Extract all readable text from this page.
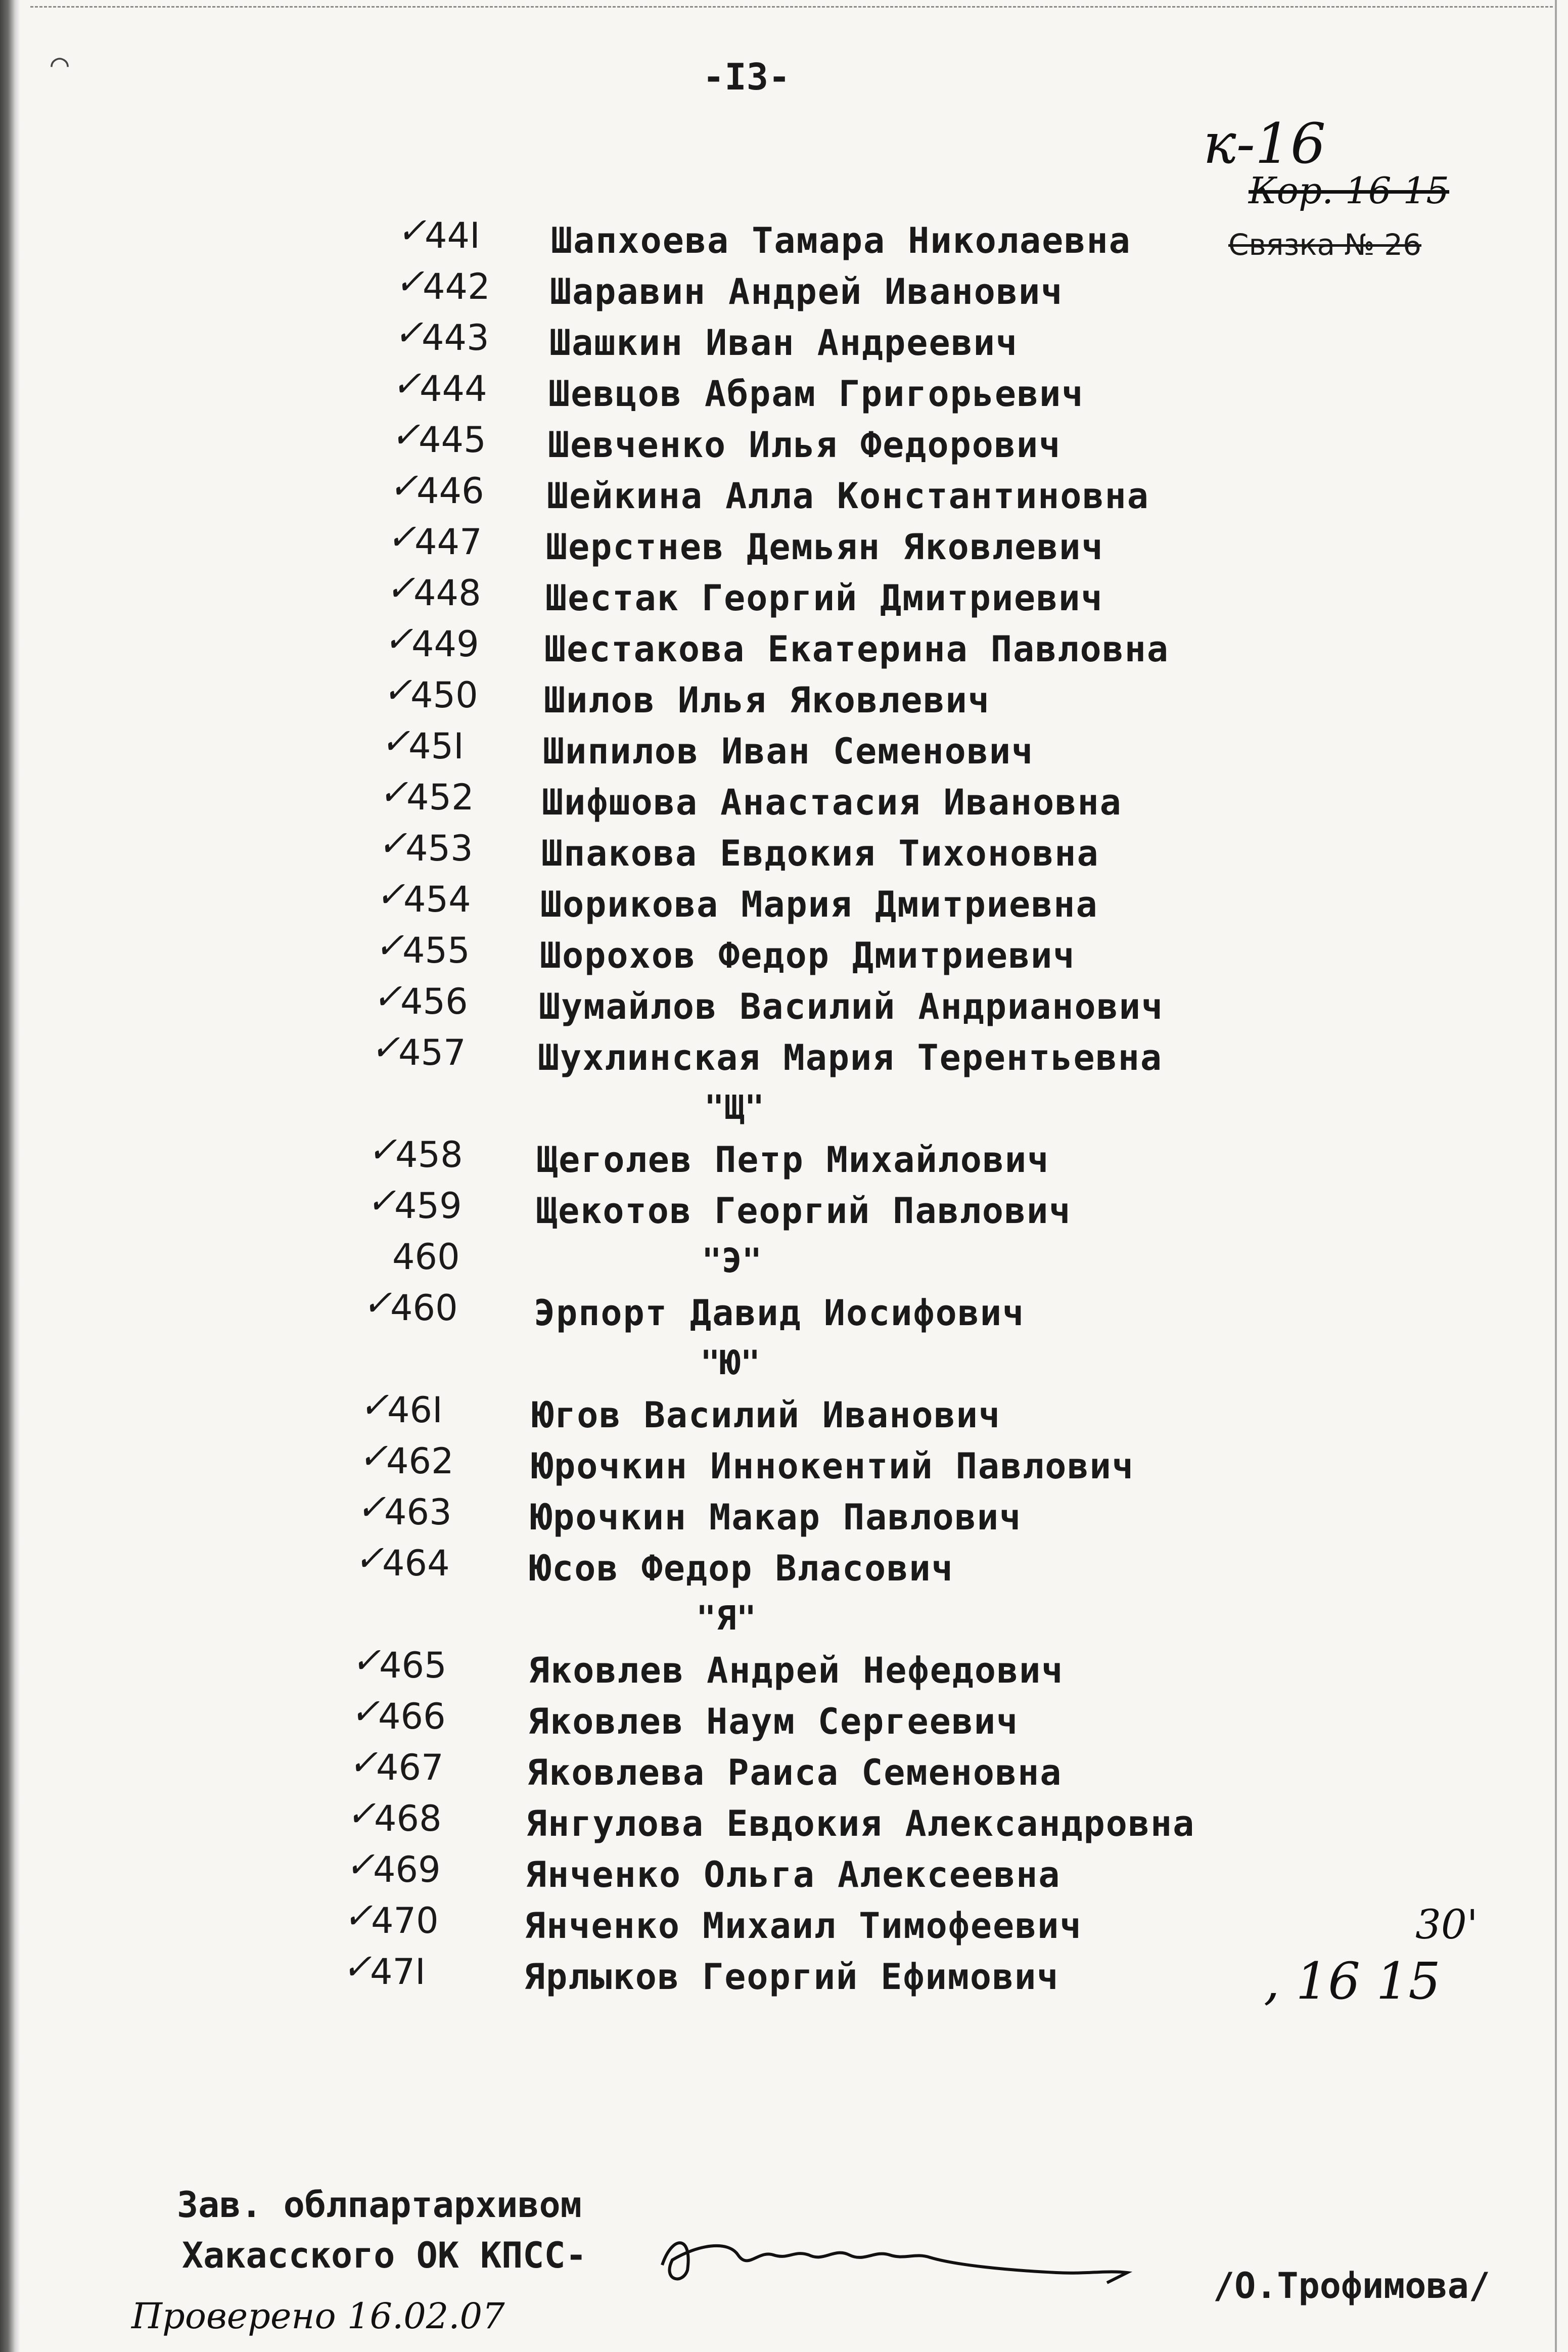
⌒	-I3-
к-16
Кор. 16 15
Связка № 26
✓
44I Шапхоева Тамара Николаевна
✓
442 Шаравин Андрей Иванович
✓
443 Шашкин Иван Андреевич
✓
444 Шевцов Абрам Григорьевич
✓
445 Шевченко Илья Федорович
✓
446 Шейкина Алла Константиновна
✓
447 Шерстнев Демьян Яковлевич
✓
448 Шестак Георгий Дмитриевич
✓
449 Шестакова Екатерина Павловна
✓
450 Шилов Илья Яковлевич
✓
45I Шипилов Иван Семенович
✓
452 Шифшова Анастасия Ивановна
✓
453 Шпакова Евдокия Тихоновна
✓
454 Шорикова Мария Дмитриевна
✓
455 Шорохов Федор Дмитриевич
✓
456 Шумайлов Василий Андрианович
✓
457 Шухлинская Мария Терентьевна
"Щ"
✓
458 Щеголев Петр Михайлович
✓
459 Щекотов Георгий Павлович
460	"Э"
✓
460 Эрпорт Давид Иосифович
"Ю"
✓
46I	Югов Василий Иванович
✓
462 Юрочкин Иннокентий Павлович
✓
463 Юрочкин Макар Павлович
✓
464 Юсов Федор Власович
"Я"
✓
465 Яковлев Андрей Нефедович
✓
466 Яковлев Наум Сергеевич
✓
467 Яковлева Раиса Семеновна
✓
468 Янгулова Евдокия Александровна
✓
469 Янченко Ольга Алексеевна
✓
470 Янченко Михаил Тимофеевич
✓
47I	Ярлыков Георгий Ефимович
30'
, 16 15
Зав. облпартархивом
Хакасского ОК КПСС-
/О.Трофимова/
Проверено 16.02.07
